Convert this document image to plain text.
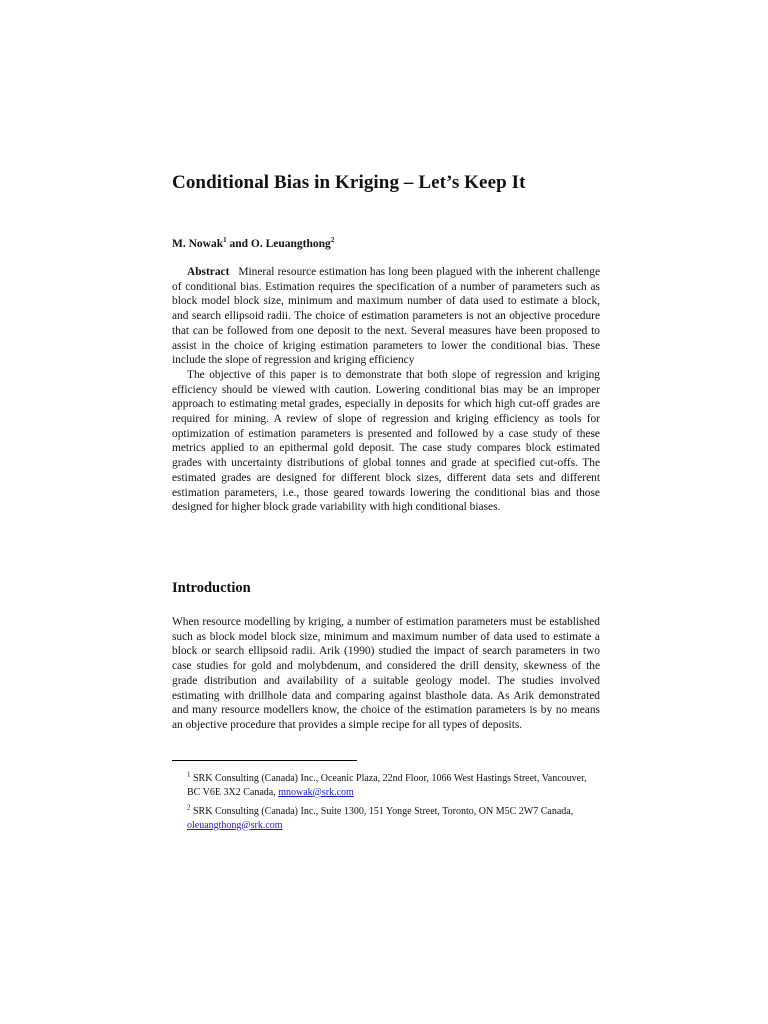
Conditional Bias in Kriging – Let’s Keep It
M. Nowak$^1$ and O. Leuangthong$^2$

Abstract Mineral resource estimation has long been plagued with the inherent challenge of conditional bias. Estimation requires the specification of a number of parameters such as block model block size, minimum and maximum number of data used to estimate a block, and search ellipsoid radii. The choice of estimation parameters is not an objective procedure that can be followed from one deposit to the next. Several measures have been proposed to assist in the choice of kriging estimation parameters to lower the conditional bias. These include the slope of regression and kriging efficiency

The objective of this paper is to demonstrate that both slope of regression and kriging efficiency should be viewed with caution. Lowering conditional bias may be an improper approach to estimating metal grades, especially in deposits for which high cut-off grades are required for mining. A review of slope of regression and kriging efficiency as tools for optimization of estimation parameters is presented and followed by a case study of these metrics applied to an epithermal gold deposit. The case study compares block estimated grades with uncertainty distributions of global tonnes and grade at specified cut-offs. The estimated grades are designed for different block sizes, different data sets and different estimation parameters, i.e., those geared towards lowering the conditional bias and those designed for higher block grade variability with high conditional biases.

Introduction

When resource modelling by kriging, a number of estimation parameters must be established such as block model block size, minimum and maximum number of data used to estimate a block or search ellipsoid radii. Arik (1990) studied the impact of search parameters in two case studies for gold and molybdenum, and considered the drill density, skewness of the grade distribution and availability of a suitable geology model. The studies involved estimating with drillhole data and comparing against blasthole data. As Arik demonstrated and many resource modellers know, the choice of the estimation parameters is by no means an objective procedure that provides a simple recipe for all types of deposits.

$^1$ SRK Consulting (Canada) Inc., Oceanic Plaza, 22nd Floor, 1066 West Hastings Street, Vancouver, BC V6E 3X2 Canada, mnowak@srk.com
$^2$ SRK Consulting (Canada) Inc., Suite 1300, 151 Yonge Street, Toronto, ON M5C 2W7 Canada, oleuangthong@srk.com
